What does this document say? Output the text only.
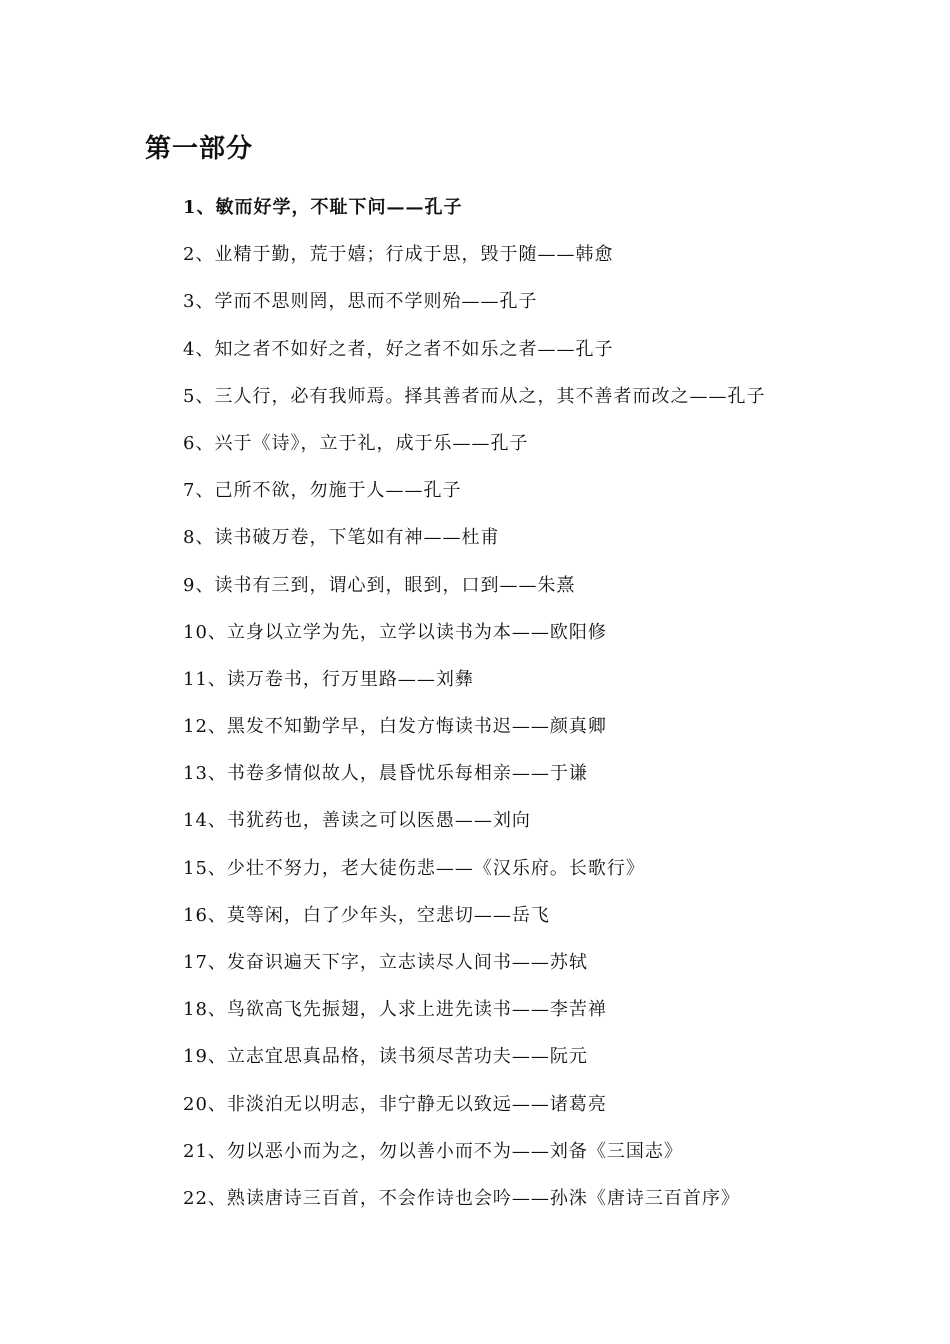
第一部分
1、敏而好学，不耻下问——孔子
2、业精于勤，荒于嬉；行成于思，毁于随——韩愈
3、学而不思则罔，思而不学则殆——孔子
4、知之者不如好之者，好之者不如乐之者——孔子
5、三人行，必有我师焉。择其善者而从之，其不善者而改之——孔子
6、兴于《诗》，立于礼，成于乐——孔子
7、己所不欲，勿施于人——孔子
8、读书破万卷，下笔如有神——杜甫
9、读书有三到，谓心到，眼到，口到——朱熹
10、立身以立学为先，立学以读书为本——欧阳修
11、读万卷书，行万里路——刘彝
12、黑发不知勤学早，白发方悔读书迟——颜真卿
13、书卷多情似故人，晨昏忧乐每相亲——于谦
14、书犹药也，善读之可以医愚——刘向
15、少壮不努力，老大徒伤悲——《汉乐府。长歌行》
16、莫等闲，白了少年头，空悲切——岳飞
17、发奋识遍天下字，立志读尽人间书——苏轼
18、鸟欲高飞先振翅，人求上进先读书——李苦禅
19、立志宜思真品格，读书须尽苦功夫——阮元
20、非淡泊无以明志，非宁静无以致远——诸葛亮
21、勿以恶小而为之，勿以善小而不为——刘备《三国志》
22、熟读唐诗三百首，不会作诗也会吟——孙洙《唐诗三百首序》
